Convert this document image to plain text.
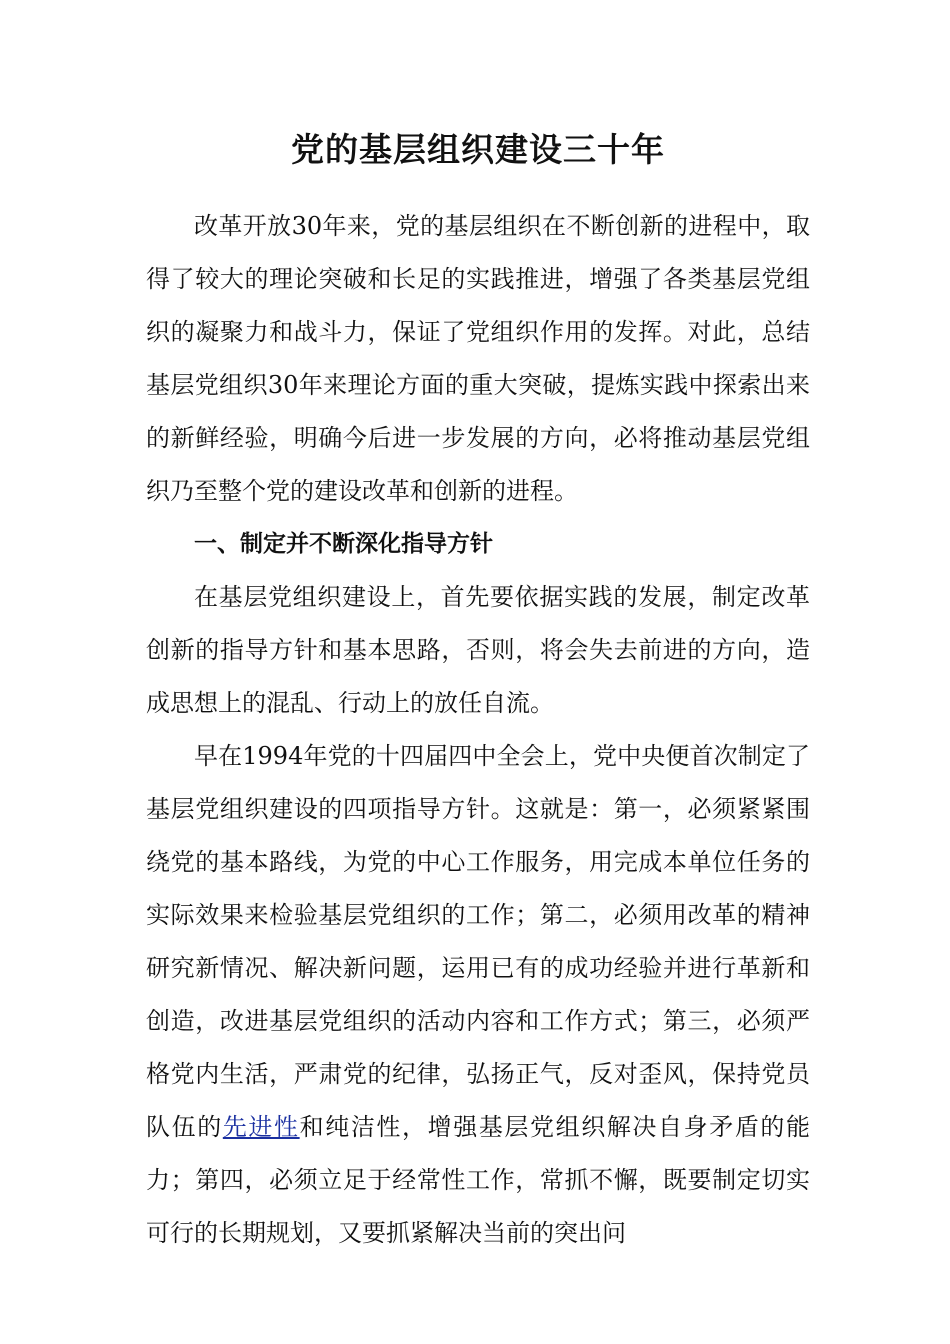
党的基层组织建设三十年

改革开放30年来，党的基层组织在不断创新的进程中，取得了较大的理论突破和长足的实践推进，增强了各类基层党组织的凝聚力和战斗力，保证了党组织作用的发挥。对此，总结基层党组织30年来理论方面的重大突破，提炼实践中探索出来的新鲜经验，明确今后进一步发展的方向，必将推动基层党组织乃至整个党的建设改革和创新的进程。

一、制定并不断深化指导方针

在基层党组织建设上，首先要依据实践的发展，制定改革创新的指导方针和基本思路，否则，将会失去前进的方向，造成思想上的混乱、行动上的放任自流。

早在1994年党的十四届四中全会上，党中央便首次制定了基层党组织建设的四项指导方针。这就是：第一，必须紧紧围绕党的基本路线，为党的中心工作服务，用完成本单位任务的实际效果来检验基层党组织的工作；第二，必须用改革的精神研究新情况、解决新问题，运用已有的成功经验并进行革新和创造，改进基层党组织的活动内容和工作方式；第三，必须严格党内生活，严肃党的纪律，弘扬正气，反对歪风，保持党员队伍的先进性和纯洁性，增强基层党组织解决自身矛盾的能力；第四，必须立足于经常性工作，常抓不懈，既要制定切实可行的长期规划，又要抓紧解决当前的突出问
